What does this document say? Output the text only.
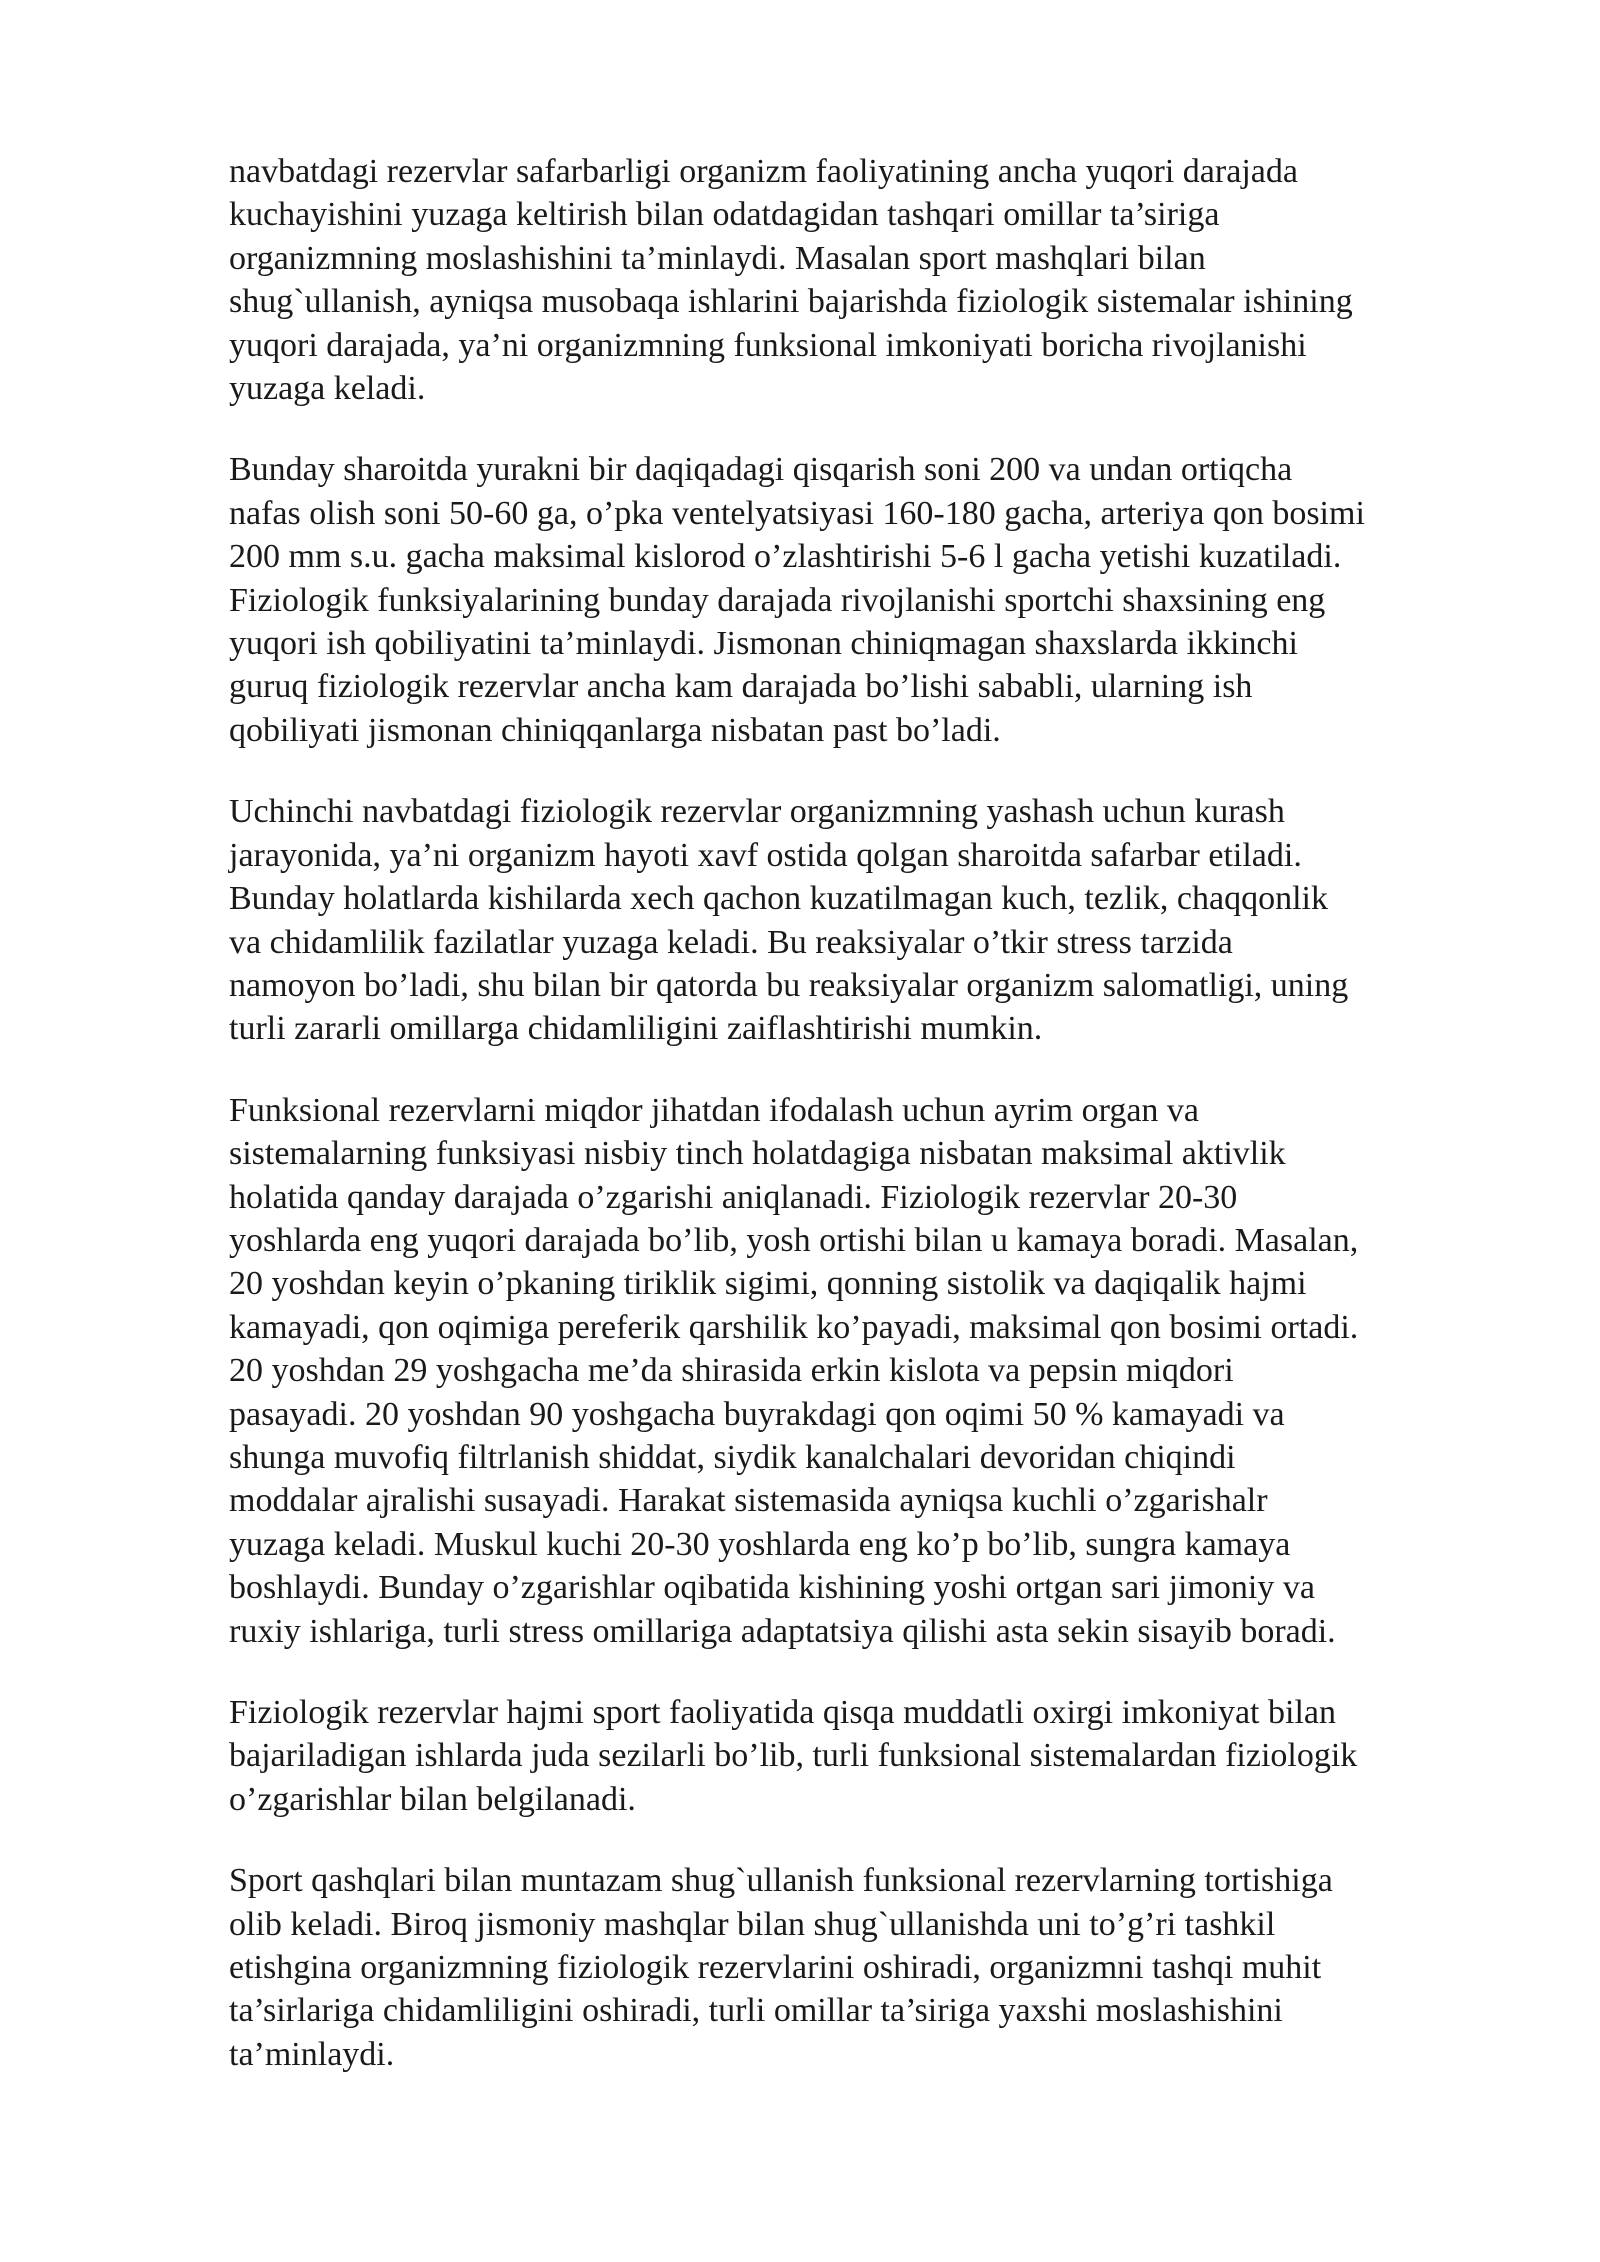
navbatdagi rezervlar safarbarligi organizm faoliyatining ancha yuqori darajada
kuchayishini yuzaga keltirish bilan odatdagidan tashqari omillar ta’siriga
organizmning moslashishini ta’minlaydi. Masalan sport mashqlari bilan
shug`ullanish, ayniqsa musobaqa ishlarini bajarishda fiziologik sistemalar ishining
yuqori darajada, ya’ni organizmning funksional imkoniyati boricha rivojlanishi
yuzaga keladi.

Bunday sharoitda yurakni bir daqiqadagi qisqarish soni 200 va undan ortiqcha
nafas olish soni 50-60 ga, o’pka ventelyatsiyasi 160-180 gacha, arteriya qon bosimi
200 mm s.u. gacha maksimal kislorod o’zlashtirishi 5-6 l gacha yetishi kuzatiladi.
Fiziologik funksiyalarining bunday darajada rivojlanishi sportchi shaxsining eng
yuqori ish qobiliyatini ta’minlaydi. Jismonan chiniqmagan shaxslarda ikkinchi
guruq fiziologik rezervlar ancha kam darajada bo’lishi sababli, ularning ish
qobiliyati jismonan chiniqqanlarga nisbatan past bo’ladi.

Uchinchi navbatdagi fiziologik rezervlar organizmning yashash uchun kurash
jarayonida, ya’ni organizm hayoti xavf ostida qolgan sharoitda safarbar etiladi.
Bunday holatlarda kishilarda xech qachon kuzatilmagan kuch, tezlik, chaqqonlik
va chidamlilik fazilatlar yuzaga keladi. Bu reaksiyalar o’tkir stress tarzida
namoyon bo’ladi, shu bilan bir qatorda bu reaksiyalar organizm salomatligi, uning
turli zararli omillarga chidamliligini zaiflashtirishi mumkin.

Funksional rezervlarni miqdor jihatdan ifodalash uchun ayrim organ va
sistemalarning funksiyasi nisbiy tinch holatdagiga nisbatan maksimal aktivlik
holatida qanday darajada o’zgarishi aniqlanadi. Fiziologik rezervlar 20-30
yoshlarda eng yuqori darajada bo’lib, yosh ortishi bilan u kamaya boradi. Masalan,
20 yoshdan keyin o’pkaning tiriklik sigimi, qonning sistolik va daqiqalik hajmi
kamayadi, qon oqimiga pereferik qarshilik ko’payadi, maksimal qon bosimi ortadi.
20 yoshdan 29 yoshgacha me’da shirasida erkin kislota va pepsin miqdori
pasayadi. 20 yoshdan 90 yoshgacha buyrakdagi qon oqimi 50 % kamayadi va
shunga muvofiq filtrlanish shiddat, siydik kanalchalari devoridan chiqindi
moddalar ajralishi susayadi. Harakat sistemasida ayniqsa kuchli o’zgarishalr
yuzaga keladi. Muskul kuchi 20-30 yoshlarda eng ko’p bo’lib, sungra kamaya
boshlaydi. Bunday o’zgarishlar oqibatida kishining yoshi ortgan sari jimoniy va
ruxiy ishlariga, turli stress omillariga adaptatsiya qilishi asta sekin sisayib boradi.

Fiziologik rezervlar hajmi sport faoliyatida qisqa muddatli oxirgi imkoniyat bilan
bajariladigan ishlarda juda sezilarli bo’lib, turli funksional sistemalardan fiziologik
o’zgarishlar bilan belgilanadi.

Sport qashqlari bilan muntazam shug`ullanish funksional rezervlarning tortishiga
olib keladi. Biroq jismoniy mashqlar bilan shug`ullanishda uni to’g’ri tashkil
etishgina organizmning fiziologik rezervlarini oshiradi, organizmni tashqi muhit
ta’sirlariga chidamliligini oshiradi, turli omillar ta’siriga yaxshi moslashishini
ta’minlaydi.
